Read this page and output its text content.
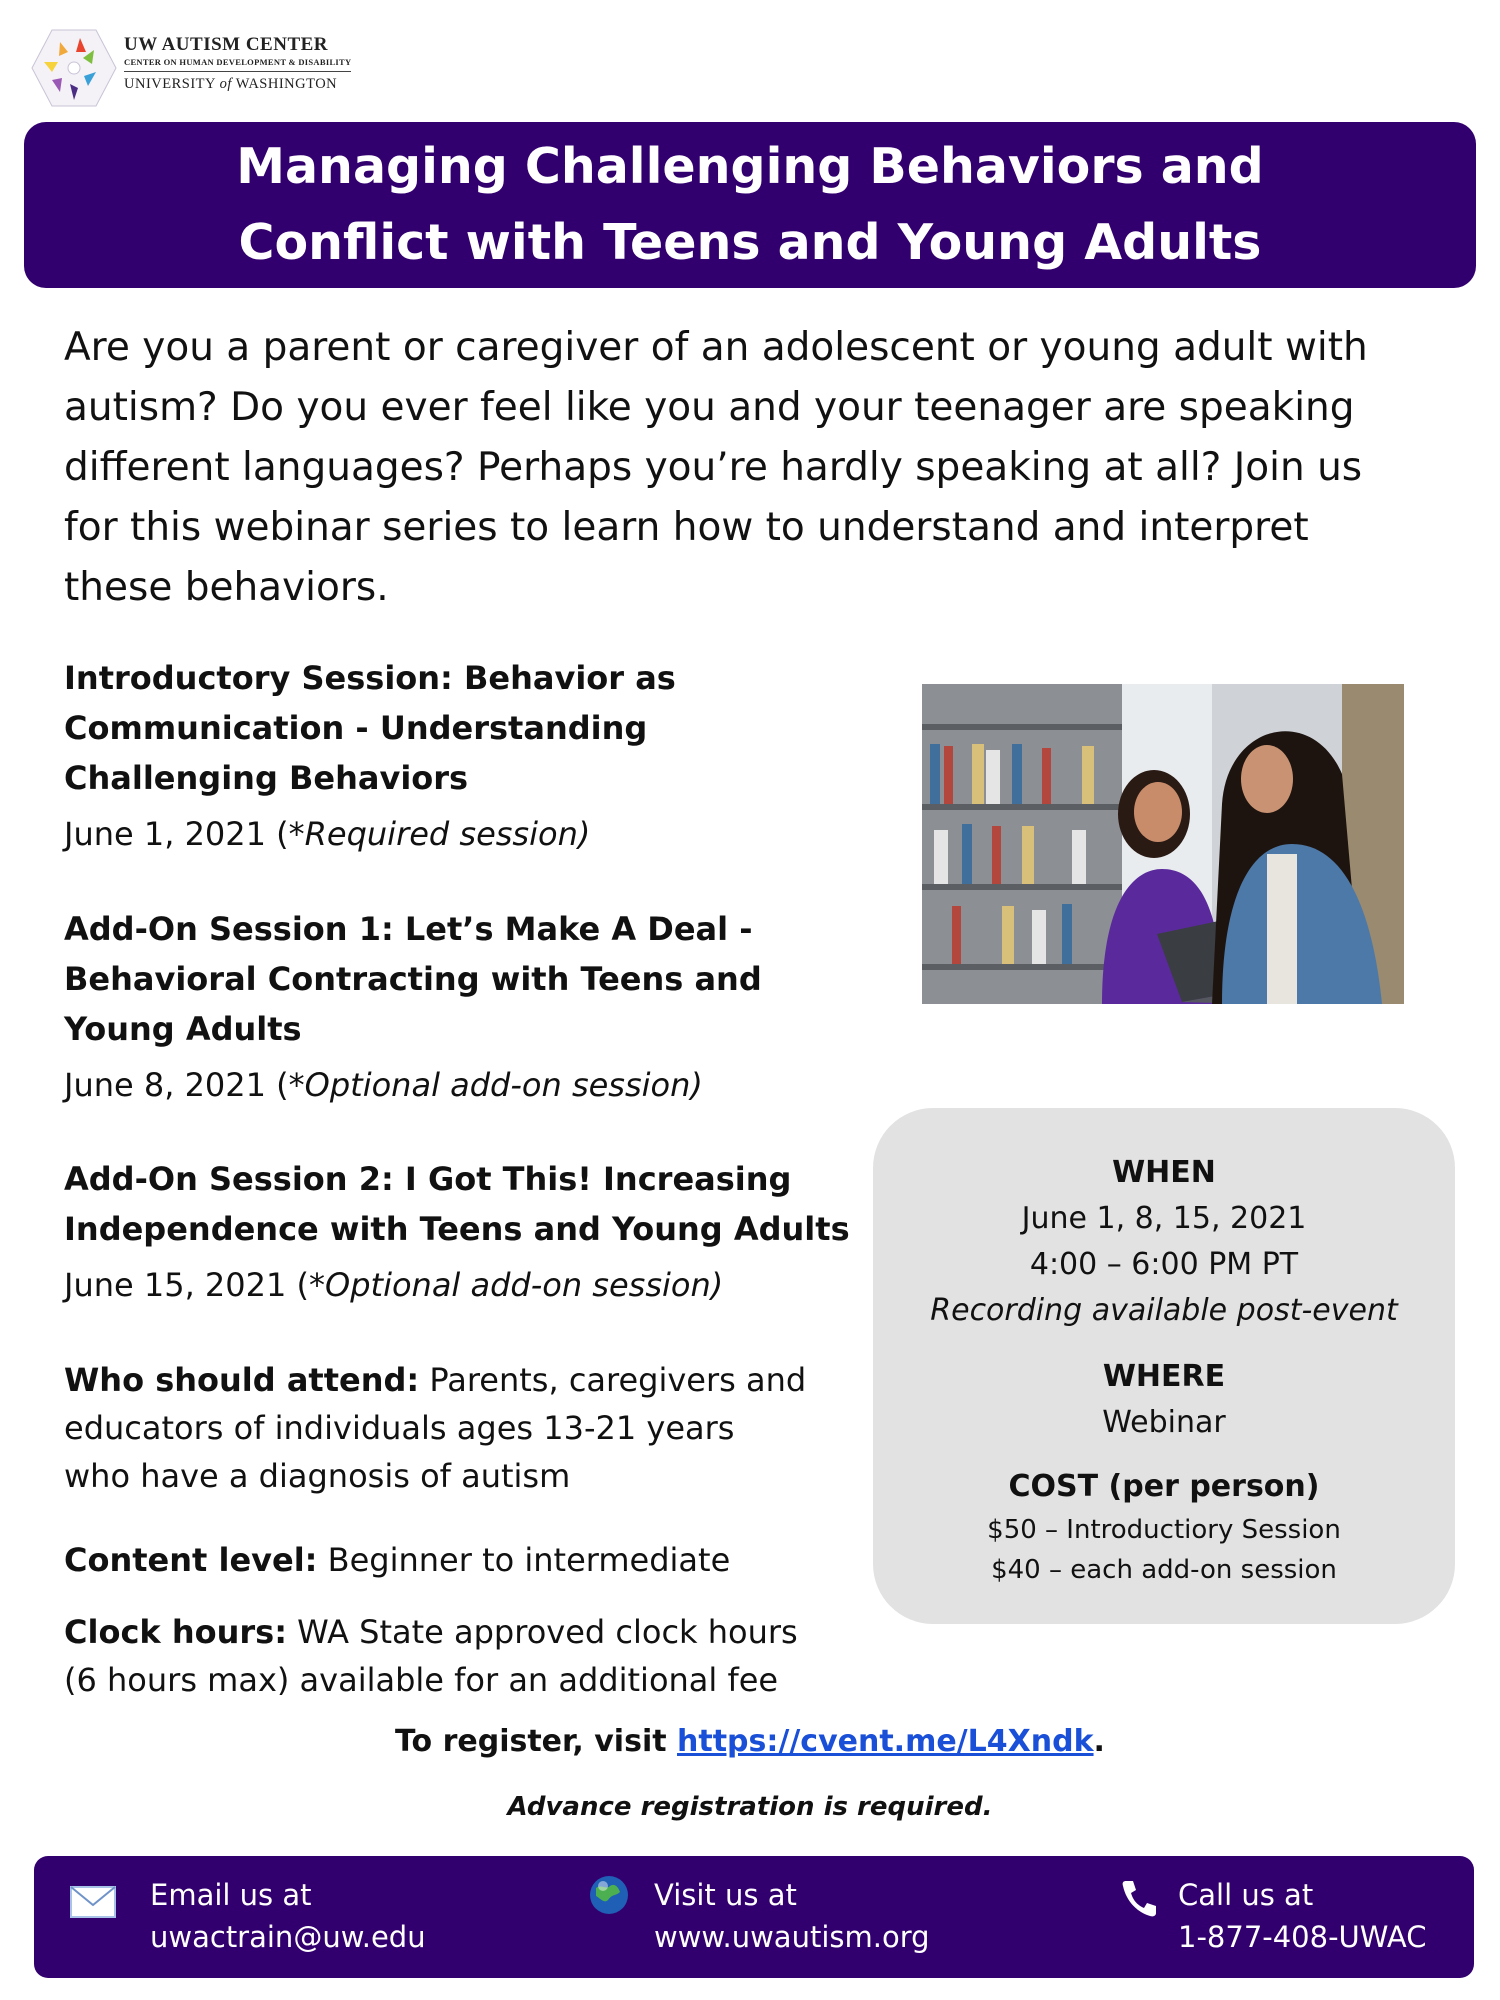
UW AUTISM CENTER
CENTER ON HUMAN DEVELOPMENT & DISABILITY
UNIVERSITY of WASHINGTON
Managing Challenging Behaviors and
Conflict with Teens and Young Adults
Are you a parent or caregiver of an adolescent or young adult with
autism? Do you ever feel like you and your teenager are speaking
different languages? Perhaps you’re hardly speaking at all? Join us
for this webinar series to learn how to understand and interpret
these behaviors.
Introductory Session: Behavior as
Communication - Understanding
Challenging Behaviors
June 1, 2021 (*Required session)
Add-On Session 1: Let’s Make A Deal -
Behavioral Contracting with Teens and
Young Adults
June 8, 2021 (*Optional add-on session)
Add-On Session 2: I Got This! Increasing
Independence with Teens and Young Adults
June 15, 2021 (*Optional add-on session)
Who should attend: Parents, caregivers and
educators of individuals ages 13-21 years
who have a diagnosis of autism
Content level: Beginner to intermediate
Clock hours: WA State approved clock hours
(6 hours max) available for an additional fee
WHEN
June 1, 8, 15, 2021
4:00 – 6:00 PM PT
Recording available post-event
WHERE
Webinar
COST (per person)
$50 – Introductiory Session
$40 – each add-on session
To register, visit https://cvent.me/L4Xndk.
Advance registration is required.
Email us at
uwactrain@uw.edu
Visit us at
www.uwautism.org
Call us at
1-877-408-UWAC
